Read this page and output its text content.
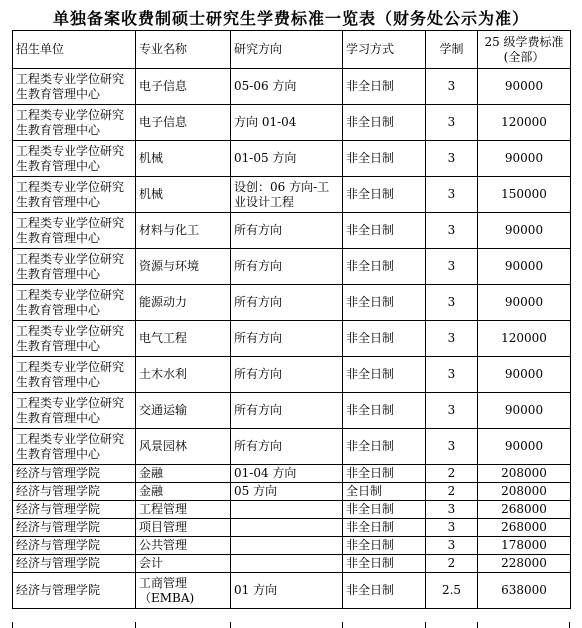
单独备案收费制硕士研究生学费标准一览表（财务处公示为准）
招生单位	专业名称	研究方向	学习方式	学制	25 级学费标准(全部）
工程类专业学位研究生教育管理中心	电子信息	05-06 方向	非全日制	3	90000
工程类专业学位研究生教育管理中心	电子信息	方向 01-04	非全日制	3	120000
工程类专业学位研究生教育管理中心	机械	01-05 方向	非全日制	3	90000
工程类专业学位研究生教育管理中心	机械	设创：06 方向-工业设计工程	非全日制	3	150000
工程类专业学位研究生教育管理中心	材料与化工	所有方向	非全日制	3	90000
工程类专业学位研究生教育管理中心	资源与环境	所有方向	非全日制	3	90000
工程类专业学位研究生教育管理中心	能源动力	所有方向	非全日制	3	90000
工程类专业学位研究生教育管理中心	电气工程	所有方向	非全日制	3	120000
工程类专业学位研究生教育管理中心	土木水利	所有方向	非全日制	3	90000
工程类专业学位研究生教育管理中心	交通运输	所有方向	非全日制	3	90000
工程类专业学位研究生教育管理中心	风景园林	所有方向	非全日制	3	90000
经济与管理学院	金融	01-04 方向	非全日制	2	208000
经济与管理学院	金融	05 方向	全日制	2	208000
经济与管理学院	工程管理		非全日制	3	268000
经济与管理学院	项目管理		非全日制	3	268000
经济与管理学院	公共管理		非全日制	3	178000
经济与管理学院	会计		非全日制	2	228000
经济与管理学院	工商管理（EMBA)	01 方向	非全日制	2.5	638000
